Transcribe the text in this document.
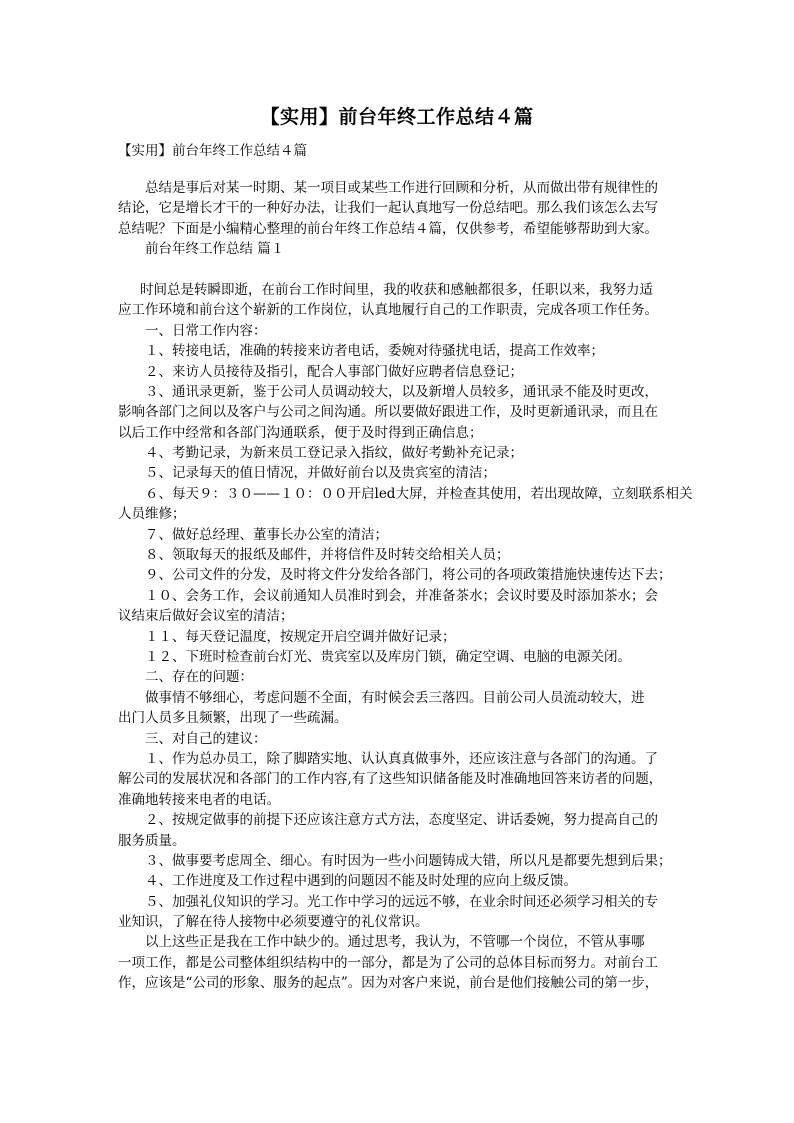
【实用】前台年终工作总结４篇
【实用】前台年终工作总结４篇
总结是事后对某一时期、某一项目或某些工作进行回顾和分析，从而做出带有规律性的
结论，它是增长才干的一种好办法，让我们一起认真地写一份总结吧。那么我们该怎么去写
总结呢？下面是小编精心整理的前台年终工作总结４篇，仅供参考，希望能够帮助到大家。
前台年终工作总结 篇１
时间总是转瞬即逝，在前台工作时间里，我的收获和感触都很多，任职以来，我努力适
应工作环境和前台这个崭新的工作岗位，认真地履行自己的工作职责，完成各项工作任务。
一、日常工作内容：
１、转接电话，准确的转接来访者电话，委婉对待骚扰电话，提高工作效率；
２、来访人员接待及指引，配合人事部门做好应聘者信息登记；
３、通讯录更新，鉴于公司人员调动较大，以及新增人员较多，通讯录不能及时更改，
影响各部门之间以及客户与公司之间沟通。所以要做好跟进工作，及时更新通讯录，而且在
以后工作中经常和各部门沟通联系，便于及时得到正确信息；
４、考勤记录，为新来员工登记录入指纹，做好考勤补充记录；
５、记录每天的值日情况，并做好前台以及贵宾室的清洁；
６、每天９：３０——１０：００开启led大屏，并检查其使用，若出现故障，立刻联系相关
人员维修；
７、做好总经理、董事长办公室的清洁；
８、领取每天的报纸及邮件，并将信件及时转交给相关人员；
９、公司文件的分发，及时将文件分发给各部门，将公司的各项政策措施快速传达下去；
１０、会务工作，会议前通知人员准时到会，并准备茶水；会议时要及时添加茶水；会
议结束后做好会议室的清洁；
１１、每天登记温度，按规定开启空调并做好记录；
１２、下班时检查前台灯光、贵宾室以及库房门锁，确定空调、电脑的电源关闭。
二、存在的问题：
做事情不够细心，考虑问题不全面，有时候会丢三落四。目前公司人员流动较大，进
出门人员多且频繁，出现了一些疏漏。
三、对自己的建议：
１、作为总办员工，除了脚踏实地、认认真真做事外，还应该注意与各部门的沟通。了
解公司的发展状况和各部门的工作内容,有了这些知识储备能及时准确地回答来访者的问题，
准确地转接来电者的电话。
２、按规定做事的前提下还应该注意方式方法，态度坚定、讲话委婉，努力提高自己的
服务质量。
３、做事要考虑周全、细心。有时因为一些小问题铸成大错，所以凡是都要先想到后果；
４、工作进度及工作过程中遇到的问题因不能及时处理的应向上级反馈。
５、加强礼仪知识的学习。光工作中学习的远远不够，在业余时间还必须学习相关的专
业知识，了解在待人接物中必须要遵守的礼仪常识。
以上这些正是我在工作中缺少的。通过思考，我认为，不管哪一个岗位，不管从事哪
一项工作，都是公司整体组织结构中的一部分，都是为了公司的总体目标而努力。对前台工
作，应该是“公司的形象、服务的起点”。因为对客户来说，前台是他们接触公司的第一步，
